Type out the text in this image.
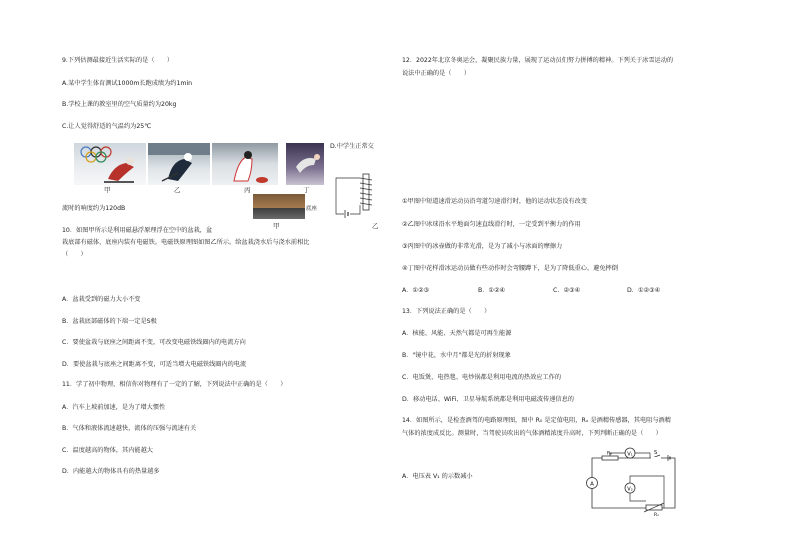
9.下列估测最接近生活实际的是（　　）
A.某中学生体育测试1000m长跑成绩为约1min
B.学校上课的教室里的空气质量约为20kg
C.让人觉得舒适的气温约为25℃
D.中学生正常交
甲	乙	丙	丁
流时的响度约为120dB	底座
甲	乙
10．如图甲所示是利用磁悬浮原理浮在空中的盆栽，盆
栽底部有磁体，底座内装有电磁铁。电磁铁原理图如图乙所示。给盆栽浇水后与浇水前相比
（　　）
A．盆栽受到的磁力大小不变
B．盆栽底部磁体的下端一定是S极
C．要使盆栽与底座之间距离不变，可改变电磁铁线圈内的电流方向
D．要使盆栽与底座之间距离不变，可适当增大电磁铁线圈内的电流
11．学了初中物理，相信你对物理有了一定的了解，下列说法中正确的是（　　）
A．汽车上坡前加速，是为了增大惯性
B．气体和液体流速越快，流体的压强与流速有关
C．温度越高的物体，其内能越大
D．内能越大的物体具有的热量越多
12．2022年北京冬奥运会，凝聚民族力量，展现了运动员们努力拼搏的精神。下列关于冰雪运动的
说法中正确的是（　　）
①甲图中短道速滑运动员沿弯道匀速滑行时，他的运动状态没有改变
②乙图中冰球沿水平地面匀速直线滑行时，一定受到平衡力的作用
③丙图中的冰壶做的非常光滑，是为了减小与冰面的摩擦力
④丁图中花样滑冰运动员做有些动作时会弯腰蹲下，是为了降低重心，避免摔倒
A．①②③	B．①②④	C．②③④	D．①②③④
13．下列说法正确的是（　　）
A．核能、风能、天然气都是可再生能源
B．"镜中花，水中月"都是光的折射现象
C．电饭煲、电热毯、电炒锅都是利用电流的热效应工作的
D．移动电话、WiFi、卫星导航系统都是利用电磁波传递信息的
14．如图所示，是检查酒驾的电路原理图，图中 R₀ 是定值电阻，Rₓ 是酒精传感器，其电阻与酒精
气体的浓度成反比。测量时，当驾驶员吹出的气体酒精浓度升高时，下列判断正确的是（　　）
A．电压表 V₁ 的示数减小
V₁
R₀	S
A
V₂
Rₓ
